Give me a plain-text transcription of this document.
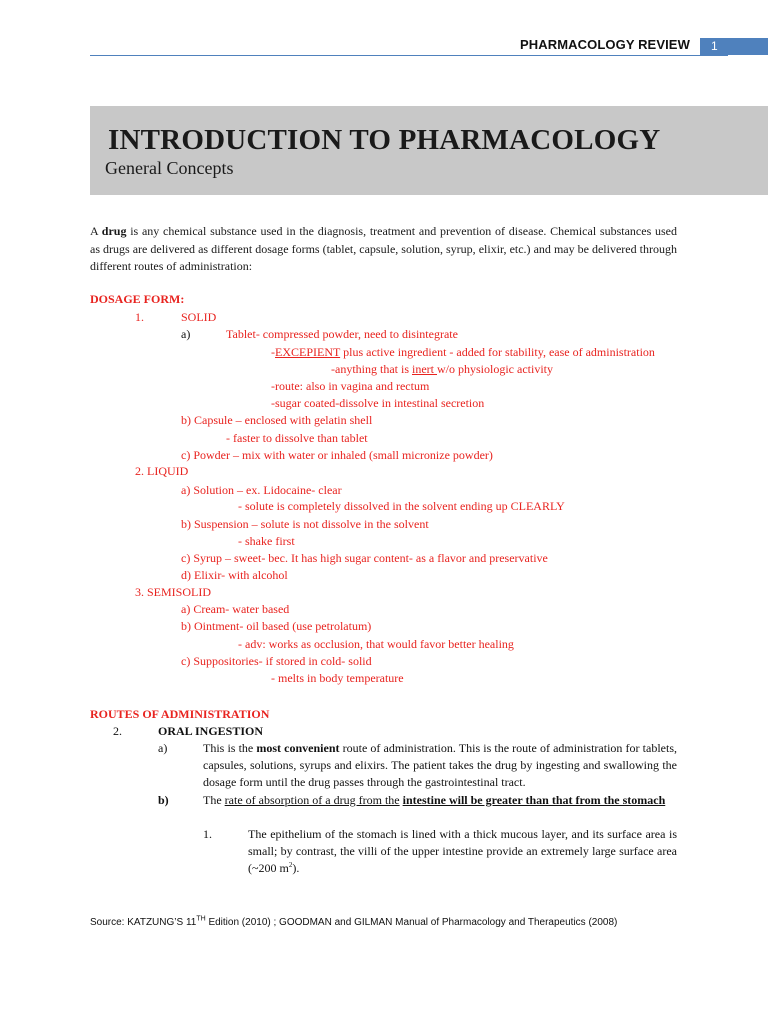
PHARMACOLOGY REVIEW 1
INTRODUCTION TO PHARMACOLOGY
General Concepts
A drug is any chemical substance used in the diagnosis, treatment and prevention of disease. Chemical substances used as drugs are delivered as different dosage forms (tablet, capsule, solution, syrup, elixir, etc.) and may be delivered through different routes of administration:
DOSAGE FORM:
1.	SOLID
a)	Tablet- compressed powder, need to disintegrate
-EXCEPIENT plus active ingredient - added for stability, ease of administration
-anything that is inert w/o physiologic activity
-route: also in vagina and rectum
-sugar coated-dissolve in intestinal secretion
b) Capsule – enclosed with gelatin shell
- faster to dissolve than tablet
c) Powder – mix with water or inhaled (small micronize powder)
2. LIQUID
a) Solution – ex. Lidocaine- clear
- solute is completely dissolved in the solvent ending up CLEARLY
b) Suspension – solute is not dissolve in the solvent
- shake first
c) Syrup – sweet- bec. It has high sugar content- as a flavor and preservative
d) Elixir- with alcohol
3. SEMISOLID
a) Cream- water based
b) Ointment- oil based (use petrolatum)
- adv: works as occlusion, that would favor better healing
c) Suppositories- if stored in cold- solid
- melts in body temperature
ROUTES OF ADMINISTRATION
2.	ORAL INGESTION
a)	This is the most convenient route of administration. This is the route of administration for tablets, capsules, solutions, syrups and elixirs. The patient takes the drug by ingesting and swallowing the dosage form until the drug passes through the gastrointestinal tract.
b)	The rate of absorption of a drug from the intestine will be greater than that from the stomach
1.	The epithelium of the stomach is lined with a thick mucous layer, and its surface area is small; by contrast, the villi of the upper intestine provide an extremely large surface area (~200 $m^2$).
Source: KATZUNG’S 11TH Edition (2010) ; GOODMAN and GILMAN Manual of Pharmacology and Therapeutics (2008)
